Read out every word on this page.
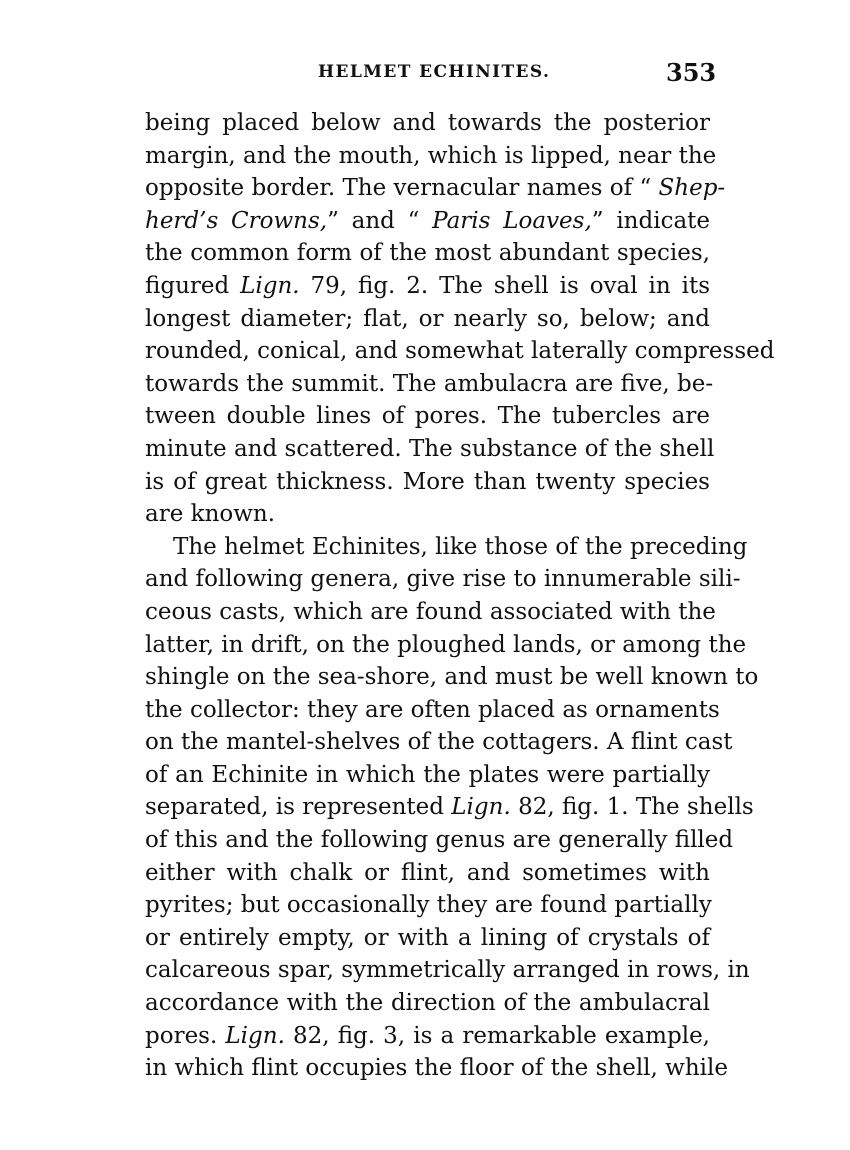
HELMET ECHINITES.	353
being placed below and towards the posterior
margin, and the mouth, which is lipped, near the
opposite border. The vernacular names of “ Shep-
herd’s Crowns,” and “ Paris Loaves,” indicate
the common form of the most abundant species,
figured Lign. 79, fig. 2. The shell is oval in its
longest diameter; flat, or nearly so, below; and
rounded, conical, and somewhat laterally compressed
towards the summit. The ambulacra are five, be-
tween double lines of pores. The tubercles are
minute and scattered. The substance of the shell
is of great thickness. More than twenty species
are known.
The helmet Echinites, like those of the preceding
and following genera, give rise to innumerable sili-
ceous casts, which are found associated with the
latter, in drift, on the ploughed lands, or among the
shingle on the sea-shore, and must be well known to
the collector: they are often placed as ornaments
on the mantel-shelves of the cottagers. A flint cast
of an Echinite in which the plates were partially
separated, is represented Lign. 82, fig. 1. The shells
of this and the following genus are generally filled
either with chalk or flint, and sometimes with
pyrites; but occasionally they are found partially
or entirely empty, or with a lining of crystals of
calcareous spar, symmetrically arranged in rows, in
accordance with the direction of the ambulacral
pores. Lign. 82, fig. 3, is a remarkable example,
in which flint occupies the floor of the shell, while
